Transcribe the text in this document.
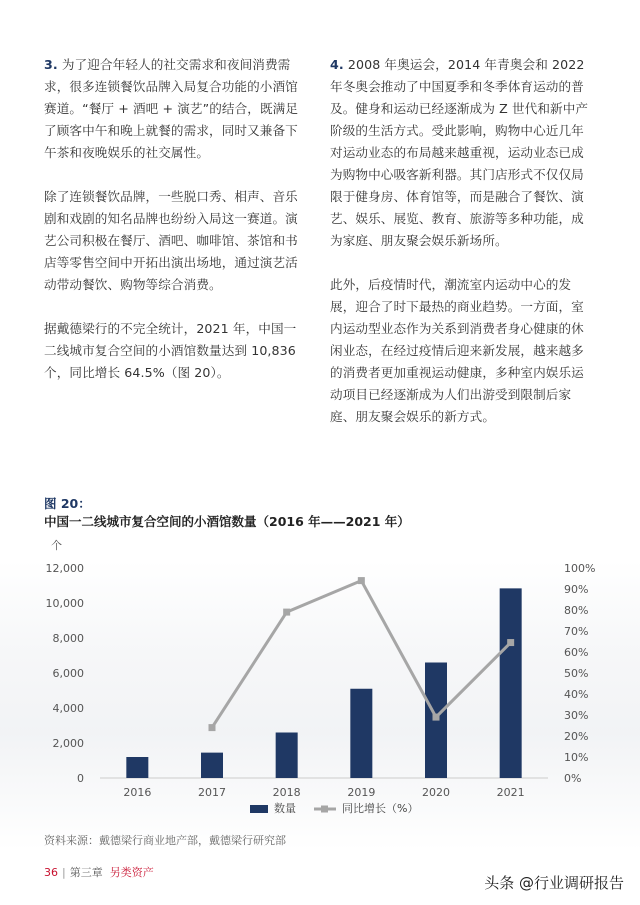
3. 为了迎合年轻人的社交需求和夜间消费需求，很多连锁餐饮品牌入局复合功能的小酒馆赛道。“餐厅 + 酒吧 + 演艺”的结合，既满足了顾客中午和晚上就餐的需求，同时又兼备下午茶和夜晚娱乐的社交属性。

除了连锁餐饮品牌，一些脱口秀、相声、音乐剧和戏剧的知名品牌也纷纷入局这一赛道。演艺公司积极在餐厅、酒吧、咖啡馆、茶馆和书店等零售空间中开拓出演出场地，通过演艺活动带动餐饮、购物等综合消费。

据戴德梁行的不完全统计，2021 年，中国一二线城市复合空间的小酒馆数量达到 10,836 个，同比增长 64.5%（图 20）。

4. 2008 年奥运会，2014 年青奥会和 2022 年冬奥会推动了中国夏季和冬季体育运动的普及。健身和运动已经逐渐成为 Z 世代和新中产阶级的生活方式。受此影响，购物中心近几年对运动业态的布局越来越重视，运动业态已成为购物中心吸客新利器。其门店形式不仅仅局限于健身房、体育馆等，而是融合了餐饮、演艺、娱乐、展览、教育、旅游等多种功能，成为家庭、朋友聚会娱乐新场所。

此外，后疫情时代，潮流室内运动中心的发展，迎合了时下最热的商业趋势。一方面，室内运动型业态作为关系到消费者身心健康的休闲业态，在经过疫情后迎来新发展，越来越多的消费者更加重视运动健康，多种室内娱乐运动项目已经逐渐成为人们出游受到限制后家庭、朋友聚会娱乐的新方式。

图 20：
中国一二线城市复合空间的小酒馆数量（2016 年——2021 年）
个
0
2,000
4,000
6,000
8,000
10,000
12,000
0%
10%
20%
30%
40%
50%
60%
70%
80%
90%
100%
2016	2017	2018	2019	2020	2021
数量	同比增长（%）
资料来源：戴德梁行商业地产部，戴德梁行研究部
36 | 第三章 另类资产
头条 @行业调研报告
